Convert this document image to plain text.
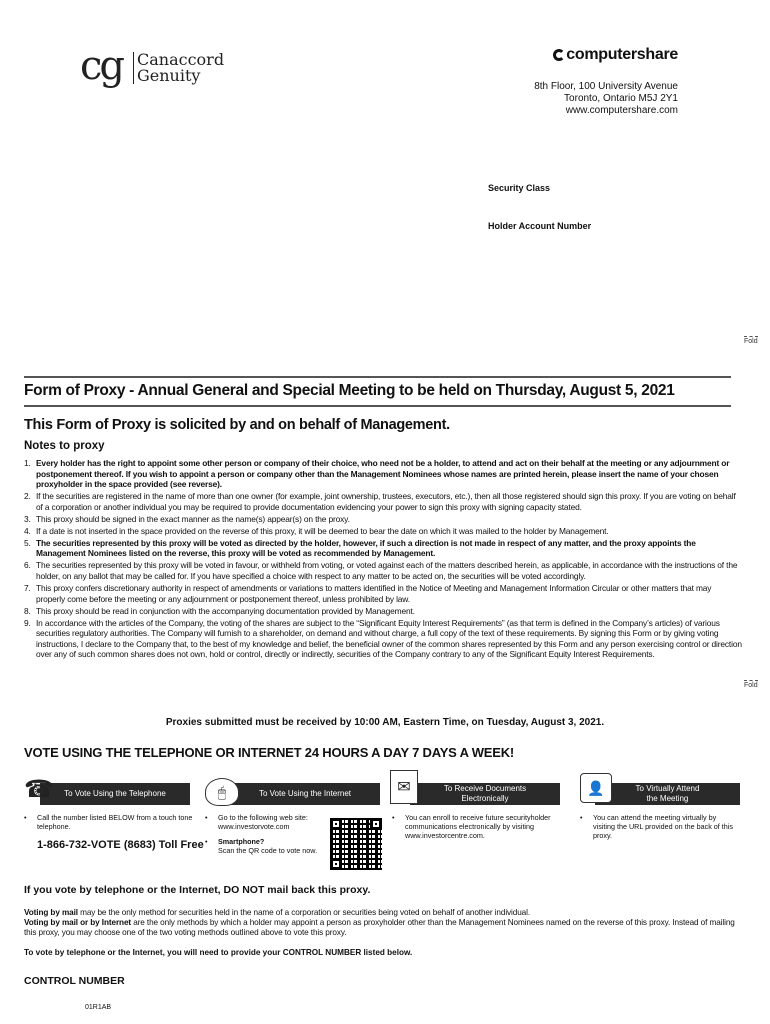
cg Canaccord
Genuity
computershare
8th Floor, 100 University Avenue
Toronto, Ontario M5J 2Y1
www.computershare.com
Security Class
Holder Account Number
Fold
Fold
Form of Proxy - Annual General and Special Meeting to be held on Thursday, August 5, 2021
This Form of Proxy is solicited by and on behalf of Management.
Notes to proxy
1. Every holder has the right to appoint some other person or company of their choice, who need not be a holder, to attend and act on their behalf at the meeting or any adjournment or postponement thereof. If you wish to appoint a person or company other than the Management Nominees whose names are printed herein, please insert the name of your chosen proxyholder in the space provided (see reverse).
2. If the securities are registered in the name of more than one owner (for example, joint ownership, trustees, executors, etc.), then all those registered should sign this proxy. If you are voting on behalf of a corporation or another individual you may be required to provide documentation evidencing your power to sign this proxy with signing capacity stated.
3. This proxy should be signed in the exact manner as the name(s) appear(s) on the proxy.
4. If a date is not inserted in the space provided on the reverse of this proxy, it will be deemed to bear the date on which it was mailed to the holder by Management.
5. The securities represented by this proxy will be voted as directed by the holder, however, if such a direction is not made in respect of any matter, and the proxy appoints the Management Nominees listed on the reverse, this proxy will be voted as recommended by Management.
6. The securities represented by this proxy will be voted in favour, or withheld from voting, or voted against each of the matters described herein, as applicable, in accordance with the instructions of the holder, on any ballot that may be called for. If you have specified a choice with respect to any matter to be acted on, the securities will be voted accordingly.
7. This proxy confers discretionary authority in respect of amendments or variations to matters identified in the Notice of Meeting and Management Information Circular or other matters that may properly come before the meeting or any adjournment or postponement thereof, unless prohibited by law.
8. This proxy should be read in conjunction with the accompanying documentation provided by Management.
9. In accordance with the articles of the Company, the voting of the shares are subject to the “Significant Equity Interest Requirements” (as that term is defined in the Company’s articles) of various securities regulatory authorities. The Company will furnish to a shareholder, on demand and without charge, a full copy of the text of these requirements. By signing this Form or by giving voting instructions, I declare to the Company that, to the best of my knowledge and belief, the beneficial owner of the common shares represented by this Form and any person exercising control or direction over any of such common shares does not own, hold or control, directly or indirectly, securities of the Company contrary to any of the Significant Equity Interest Requirements.
Proxies submitted must be received by 10:00 AM, Eastern Time, on Tuesday, August 3, 2021.
VOTE USING THE TELEPHONE OR INTERNET 24 HOURS A DAY 7 DAYS A WEEK!
To Vote Using the Telephone
☎
• Call the number listed BELOW from a touch tone telephone.
1-866-732-VOTE (8683) Toll Free
To Vote Using the Internet
🖱
• Go to the following web site: www.investorvote.com
• Smartphone?
Scan the QR code to vote now.
To Receive Documents
Electronically
✉
• You can enroll to receive future securityholder communications electronically by visiting www.investorcentre.com.
To Virtually Attend
the Meeting
👤
• You can attend the meeting virtually by visiting the URL provided on the back of this proxy.
If you vote by telephone or the Internet, DO NOT mail back this proxy.
Voting by mail may be the only method for securities held in the name of a corporation or securities being voted on behalf of another individual.
Voting by mail or by Internet are the only methods by which a holder may appoint a person as proxyholder other than the Management Nominees named on the reverse of this proxy. Instead of mailing this proxy, you may choose one of the two voting methods outlined above to vote this proxy.
To vote by telephone or the Internet, you will need to provide your CONTROL NUMBER listed below.
CONTROL NUMBER
01R1AB
